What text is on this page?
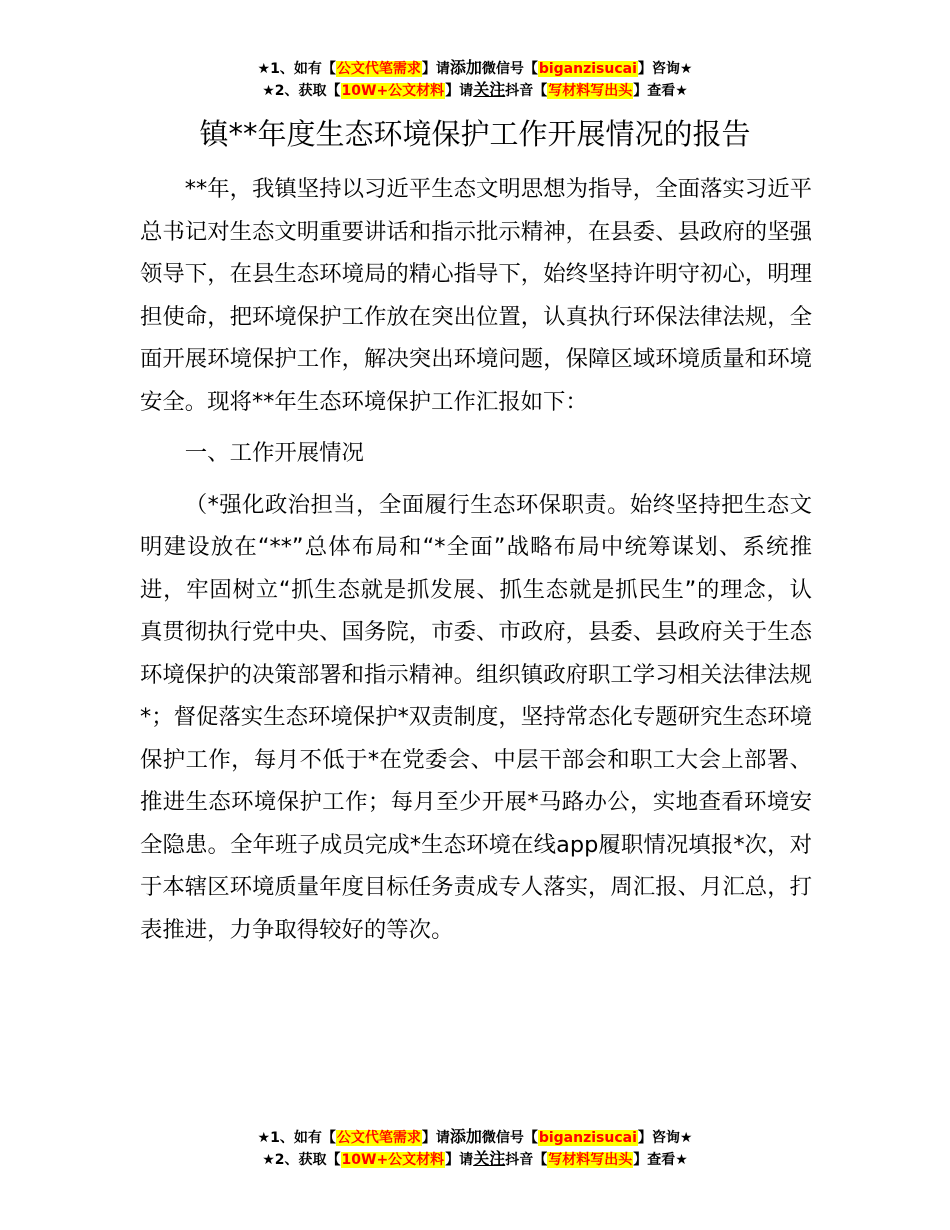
★1、如有【公文代笔需求】请添加微信号【biganzisucai】咨询★
★2、获取【10W+公文材料】请关注抖音【写材料写出头】查看★
镇**年度生态环境保护工作开展情况的报告

**年，我镇坚持以习近平生态文明思想为指导，全面落实习近平总书记对生态文明重要讲话和指示批示精神，在县委、县政府的坚强领导下，在县生态环境局的精心指导下，始终坚持许明守初心，明理担使命，把环境保护工作放在突出位置，认真执行环保法律法规，全面开展环境保护工作，解决突出环境问题，保障区域环境质量和环境安全。现将**年生态环境保护工作汇报如下：

一、工作开展情况

（*强化政治担当，全面履行生态环保职责。始终坚持把生态文明建设放在“**”总体布局和“*全面”战略布局中统筹谋划、系统推进，牢固树立“抓生态就是抓发展、抓生态就是抓民生”的理念，认真贯彻执行党中央、国务院，市委、市政府，县委、县政府关于生态环境保护的决策部署和指示精神。组织镇政府职工学习相关法律法规*；督促落实生态环境保护*双责制度，坚持常态化专题研究生态环境保护工作，每月不低于*在党委会、中层干部会和职工大会上部署、推进生态环境保护工作；每月至少开展*马路办公，实地查看环境安全隐患。全年班子成员完成*生态环境在线app履职情况填报*次，对于本辖区环境质量年度目标任务责成专人落实，周汇报、月汇总，打表推进，力争取得较好的等次。

★1、如有【公文代笔需求】请添加微信号【biganzisucai】咨询★
★2、获取【10W+公文材料】请关注抖音【写材料写出头】查看★
